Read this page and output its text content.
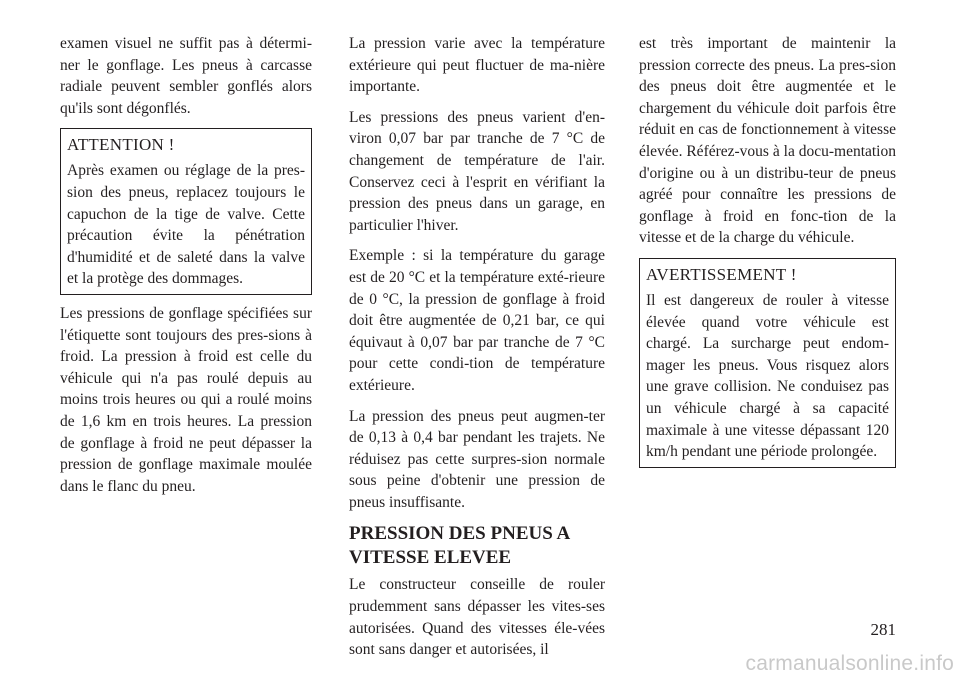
examen visuel ne suffit pas à détermi-ner le gonflage. Les pneus à carcasse radiale peuvent sembler gonflés alors qu'ils sont dégonflés.

ATTENTION !

Après examen ou réglage de la pres-sion des pneus, replacez toujours le capuchon de la tige de valve. Cette précaution évite la pénétration d'humidité et de saleté dans la valve et la protège des dommages.

Les pressions de gonflage spécifiées sur l'étiquette sont toujours des pres-sions à froid. La pression à froid est celle du véhicule qui n'a pas roulé depuis au moins trois heures ou qui a roulé moins de 1,6 km en trois heures. La pression de gonflage à froid ne peut dépasser la pression de gonflage maximale moulée dans le flanc du pneu.

La pression varie avec la température extérieure qui peut fluctuer de ma-nière importante.

Les pressions des pneus varient d'en-viron 0,07 bar par tranche de 7 °C de changement de température de l'air. Conservez ceci à l'esprit en vérifiant la pression des pneus dans un garage, en particulier l'hiver.

Exemple : si la température du garage est de 20 °C et la température exté-rieure de 0 °C, la pression de gonflage à froid doit être augmentée de 0,21 bar, ce qui équivaut à 0,07 bar par tranche de 7 °C pour cette condi-tion de température extérieure.

La pression des pneus peut augmen-ter de 0,13 à 0,4 bar pendant les trajets. Ne réduisez pas cette surpres-sion normale sous peine d'obtenir une pression de pneus insuffisante.

PRESSION DES PNEUS A VITESSE ELEVEE

Le constructeur conseille de rouler prudemment sans dépasser les vites-ses autorisées. Quand des vitesses éle-vées sont sans danger et autorisées, il

est très important de maintenir la pression correcte des pneus. La pres-sion des pneus doit être augmentée et le chargement du véhicule doit parfois être réduit en cas de fonctionnement à vitesse élevée. Référez-vous à la docu-mentation d'origine ou à un distribu-teur de pneus agréé pour connaître les pressions de gonflage à froid en fonc-tion de la vitesse et de la charge du véhicule.

AVERTISSEMENT !

Il est dangereux de rouler à vitesse élevée quand votre véhicule est chargé. La surcharge peut endom-mager les pneus. Vous risquez alors une grave collision. Ne conduisez pas un véhicule chargé à sa capacité maximale à une vitesse dépassant 120 km/h pendant une période prolongée.

281
carmanualsonline.info
